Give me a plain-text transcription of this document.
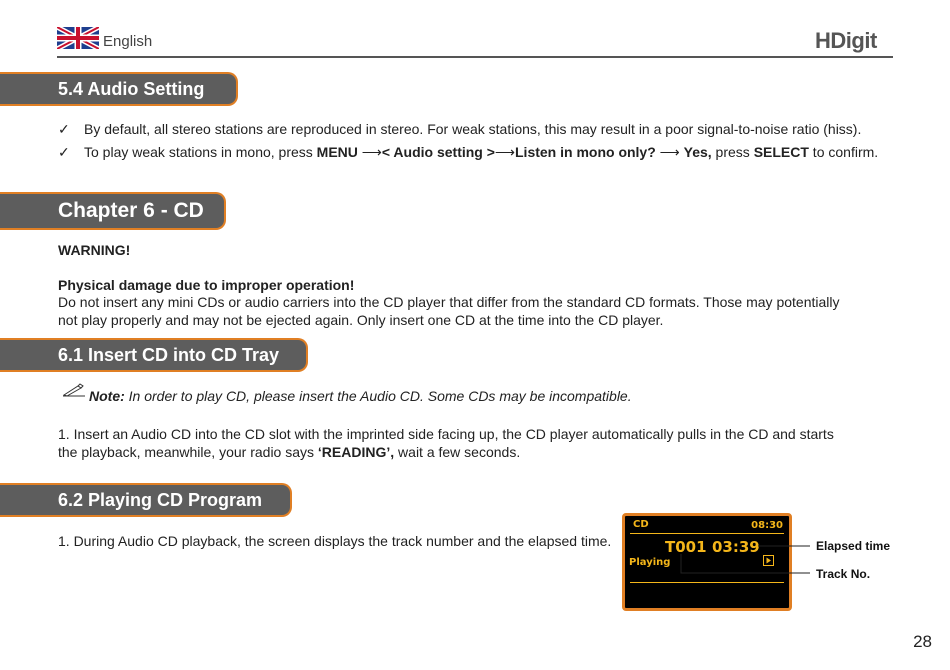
English	HDigit
5.4 Audio Setting
✓ By default, all stereo stations are reproduced in stereo. For weak stations, this may result in a poor signal-to-noise ratio (hiss).
✓ To play weak stations in mono, press MENU ⟶< Audio setting >⟶Listen in mono only? ⟶ Yes, press SELECT to confirm.
Chapter 6 - CD
WARNING!
Physical damage due to improper operation!
Do not insert any mini CDs or audio carriers into the CD player that differ from the standard CD formats. Those may potentially not play properly and may not be ejected again. Only insert one CD at the time into the CD player.
6.1 Insert CD into CD Tray
Note: In order to play CD, please insert the Audio CD. Some CDs may be incompatible.
1. Insert an Audio CD into the CD slot with the imprinted side facing up, the CD player automatically pulls in the CD and starts the playback, meanwhile, your radio says ‘READING’, wait a few seconds.
6.2 Playing CD Program
1. During Audio CD playback, the screen displays the track number and the elapsed time.
CD	08:30
T001 03:39
Playing
Elapsed time
Track No.
28
